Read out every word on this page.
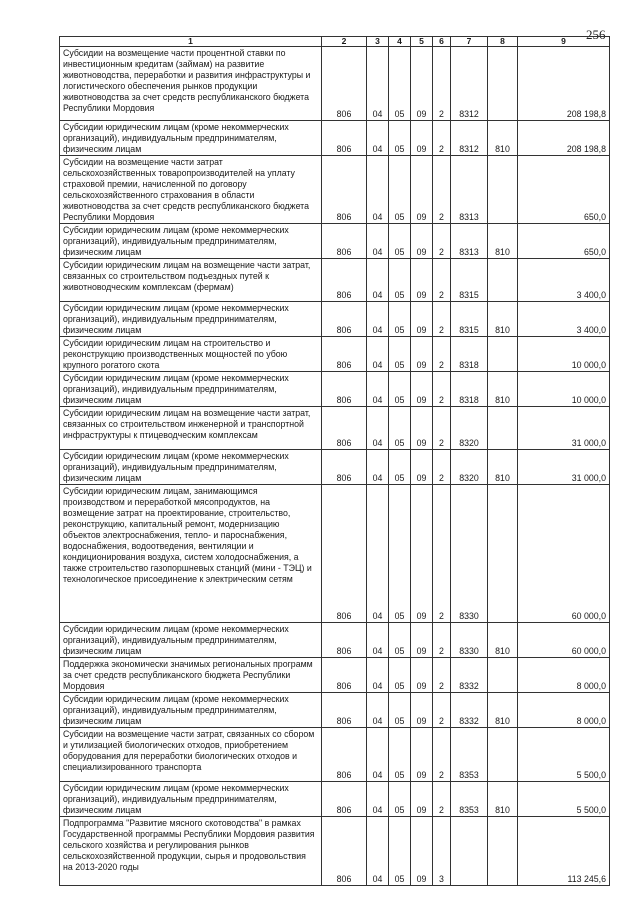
256
1	2	3	4	5	6	7	8	9
Субсидии на возмещение части процентной ставки по инвестиционным кредитам (займам) на развитие животноводства, переработки и развития инфраструктуры и логистического обеспечения рынков продукции животноводства за счет средств республиканского бюджета Республики Мордовия	806	04	05	09	2	8312		208 198,8
Субсидии юридическим лицам (кроме некоммерческих организаций), индивидуальным предпринимателям, физическим лицам	806	04	05	09	2	8312	810	208 198,8
Субсидии на возмещение части затрат сельскохозяйственных товаропроизводителей на уплату страховой премии, начисленной по договору сельскохозяйственного страхования в области животноводства за счет средств республиканского бюджета Республики Мордовия	806	04	05	09	2	8313		650,0
Субсидии юридическим лицам (кроме некоммерческих организаций), индивидуальным предпринимателям, физическим лицам	806	04	05	09	2	8313	810	650,0
Субсидии юридическим лицам на возмещение части затрат, связанных со строительством подъездных путей к животноводческим комплексам (фермам)	806	04	05	09	2	8315		3 400,0
Субсидии юридическим лицам (кроме некоммерческих организаций), индивидуальным предпринимателям, физическим лицам	806	04	05	09	2	8315	810	3 400,0
Субсидии юридическим лицам на строительство и реконструкцию производственных мощностей по убою крупного рогатого скота	806	04	05	09	2	8318		10 000,0
Субсидии юридическим лицам (кроме некоммерческих организаций), индивидуальным предпринимателям, физическим лицам	806	04	05	09	2	8318	810	10 000,0
Субсидии юридическим лицам на возмещение части затрат, связанных со строительством инженерной и транспортной инфраструктуры к птицеводческим комплексам	806	04	05	09	2	8320		31 000,0
Субсидии юридическим лицам (кроме некоммерческих организаций), индивидуальным предпринимателям, физическим лицам	806	04	05	09	2	8320	810	31 000,0
Субсидии юридическим лицам, занимающимся производством и переработкой мясопродуктов, на возмещение затрат на проектирование, строительство, реконструкцию, капитальный ремонт, модернизацию объектов электроснабжения, тепло- и пароснабжения, водоснабжения, водоотведения, вентиляции и кондиционирования воздуха, систем холодоснабжения, а также строительство газопоршневых станций (мини - ТЭЦ) и технологическое присоединение к электрическим сетям	806	04	05	09	2	8330		60 000,0
Субсидии юридическим лицам (кроме некоммерческих организаций), индивидуальным предпринимателям, физическим лицам	806	04	05	09	2	8330	810	60 000,0
Поддержка экономически значимых региональных программ за счет средств республиканского бюджета Республики Мордовия	806	04	05	09	2	8332		8 000,0
Субсидии юридическим лицам (кроме некоммерческих организаций), индивидуальным предпринимателям, физическим лицам	806	04	05	09	2	8332	810	8 000,0
Субсидии на возмещение части затрат, связанных со сбором и утилизацией биологических отходов, приобретением оборудования для переработки биологических отходов и специализированного транспорта	806	04	05	09	2	8353		5 500,0
Субсидии юридическим лицам (кроме некоммерческих организаций), индивидуальным предпринимателям, физическим лицам	806	04	05	09	2	8353	810	5 500,0
Подпрограмма "Развитие мясного скотоводства" в рамках Государственной программы Республики Мордовия развития сельского хозяйства и регулирования рынков сельскохозяйственной продукции, сырья и продовольствия на 2013-2020 годы	806	04	05	09	3			113 245,6
